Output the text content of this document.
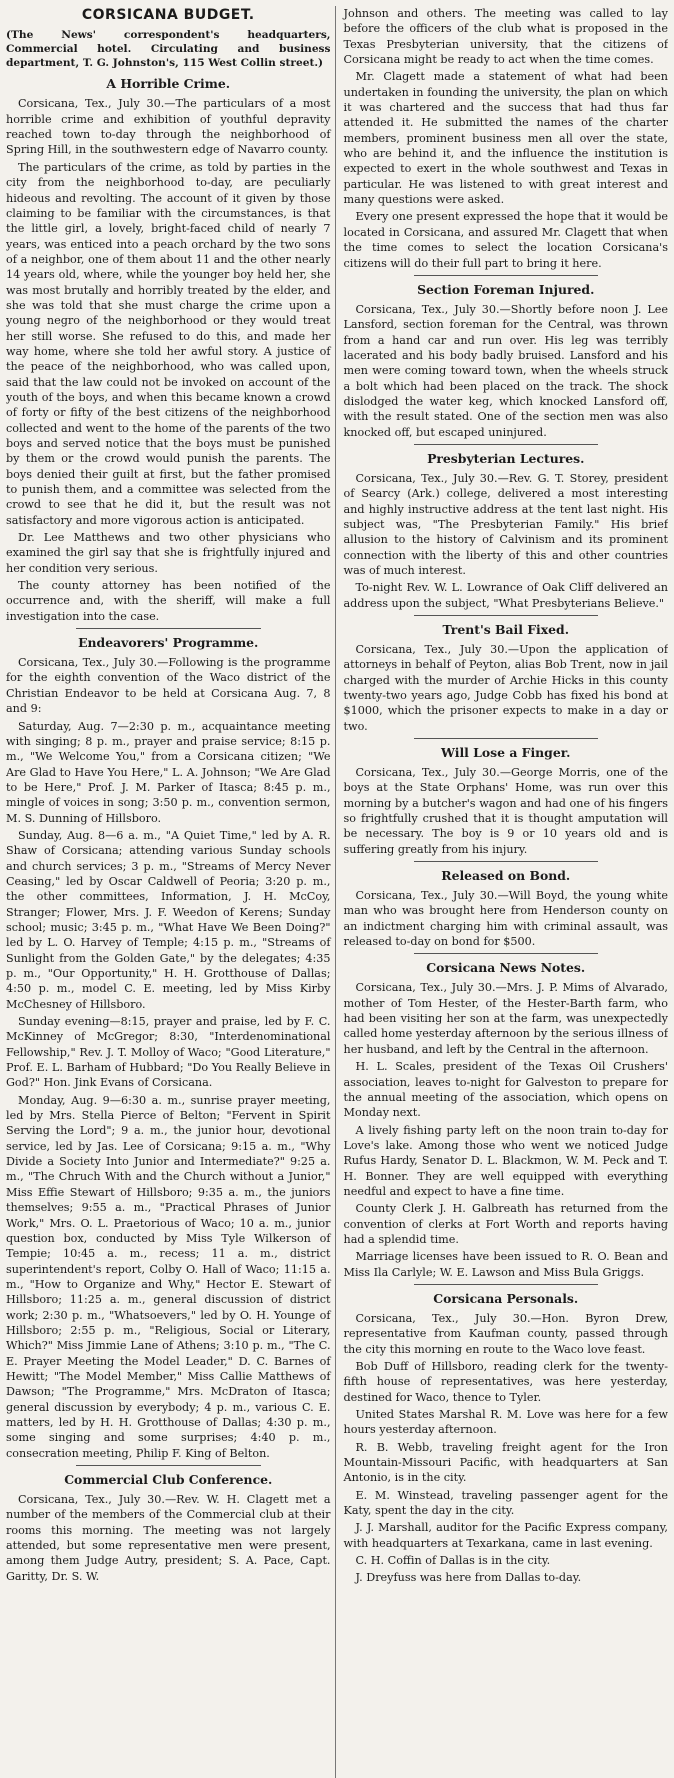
CORSICANA BUDGET.
(The News' correspondent's headquarters, Commercial hotel. Circulating and business department, T. G. Johnston's, 115 West Collin street.)
A Horrible Crime.

Corsicana, Tex., July 30.—The particulars of a most horrible crime and exhibition of youthful depravity reached town to-day through the neighborhood of Spring Hill, in the southwestern edge of Navarro county.

The particulars of the crime, as told by parties in the city from the neighborhood to-day, are peculiarly hideous and revolting. The account of it given by those claiming to be familiar with the circumstances, is that the little girl, a lovely, bright-faced child of nearly 7 years, was enticed into a peach orchard by the two sons of a neighbor, one of them about 11 and the other nearly 14 years old, where, while the younger boy held her, she was most brutally and horribly treated by the elder, and she was told that she must charge the crime upon a young negro of the neighborhood or they would treat her still worse. She refused to do this, and made her way home, where she told her awful story. A justice of the peace of the neighborhood, who was called upon, said that the law could not be invoked on account of the youth of the boys, and when this became known a crowd of forty or fifty of the best citizens of the neighborhood collected and went to the home of the parents of the two boys and served notice that the boys must be punished by them or the crowd would punish the parents. The boys denied their guilt at first, but the father promised to punish them, and a committee was selected from the crowd to see that he did it, but the result was not satisfactory and more vigorous action is anticipated.

Dr. Lee Matthews and two other physicians who examined the girl say that she is frightfully injured and her condition very serious.

The county attorney has been notified of the occurrence and, with the sheriff, will make a full investigation into the case.

Endeavorers' Programme.

Corsicana, Tex., July 30.—Following is the programme for the eighth convention of the Waco district of the Christian Endeavor to be held at Corsicana Aug. 7, 8 and 9:

Saturday, Aug. 7—2:30 p. m., acquaintance meeting with singing; 8 p. m., prayer and praise service; 8:15 p. m., "We Welcome You," from a Corsicana citizen; "We Are Glad to Have You Here," L. A. Johnson; "We Are Glad to be Here," Prof. J. M. Parker of Itasca; 8:45 p. m., mingle of voices in song; 3:50 p. m., convention sermon, M. S. Dunning of Hillsboro.

Sunday, Aug. 8—6 a. m., "A Quiet Time," led by A. R. Shaw of Corsicana; attending various Sunday schools and church services; 3 p. m., "Streams of Mercy Never Ceasing," led by Oscar Caldwell of Peoria; 3:20 p. m., the other committees, Information, J. H. McCoy, Stranger; Flower, Mrs. J. F. Weedon of Kerens; Sunday school; music; 3:45 p. m., "What Have We Been Doing?" led by L. O. Harvey of Temple; 4:15 p. m., "Streams of Sunlight from the Golden Gate," by the delegates; 4:35 p. m., "Our Opportunity," H. H. Grotthouse of Dallas; 4:50 p. m., model C. E. meeting, led by Miss Kirby McChesney of Hillsboro.

Sunday evening—8:15, prayer and praise, led by F. C. McKinney of McGregor; 8:30, "Interdenominational Fellowship," Rev. J. T. Molloy of Waco; "Good Literature," Prof. E. L. Barham of Hubbard; "Do You Really Believe in God?" Hon. Jink Evans of Corsicana.

Monday, Aug. 9—6:30 a. m., sunrise prayer meeting, led by Mrs. Stella Pierce of Belton; "Fervent in Spirit Serving the Lord"; 9 a. m., the junior hour, devotional service, led by Jas. Lee of Corsicana; 9:15 a. m., "Why Divide a Society Into Junior and Intermediate?" 9:25 a. m., "The Chruch With and the Church without a Junior," Miss Effie Stewart of Hillsboro; 9:35 a. m., the juniors themselves; 9:55 a. m., "Practical Phrases of Junior Work," Mrs. O. L. Praetorious of Waco; 10 a. m., junior question box, conducted by Miss Tyle Wilkerson of Tempie; 10:45 a. m., recess; 11 a. m., district superintendent's report, Colby O. Hall of Waco; 11:15 a. m., "How to Organize and Why," Hector E. Stewart of Hillsboro; 11:25 a. m., general discussion of district work; 2:30 p. m., "Whatsoevers," led by O. H. Younge of Hillsboro; 2:55 p. m., "Religious, Social or Literary, Which?" Miss Jimmie Lane of Athens; 3:10 p. m., "The C. E. Prayer Meeting the Model Leader," D. C. Barnes of Hewitt; "The Model Member," Miss Callie Matthews of Dawson; "The Programme," Mrs. McDraton of Itasca; general discussion by everybody; 4 p. m., various C. E. matters, led by H. H. Grotthouse of Dallas; 4:30 p. m., some singing and some surprises; 4:40 p. m., consecration meeting, Philip F. King of Belton.

Commercial Club Conference.

Corsicana, Tex., July 30.—Rev. W. H. Clagett met a number of the members of the Commercial club at their rooms this morning. The meeting was not largely attended, but some representative men were present, among them Judge Autry, president; S. A. Pace, Capt. Garitty, Dr. S. W.

Johnson and others. The meeting was called to lay before the officers of the club what is proposed in the Texas Presbyterian university, that the citizens of Corsicana might be ready to act when the time comes.

Mr. Clagett made a statement of what had been undertaken in founding the university, the plan on which it was chartered and the success that had thus far attended it. He submitted the names of the charter members, prominent business men all over the state, who are behind it, and the influence the institution is expected to exert in the whole southwest and Texas in particular. He was listened to with great interest and many questions were asked.

Every one present expressed the hope that it would be located in Corsicana, and assured Mr. Clagett that when the time comes to select the location Corsicana's citizens will do their full part to bring it here.

Section Foreman Injured.

Corsicana, Tex., July 30.—Shortly before noon J. Lee Lansford, section foreman for the Central, was thrown from a hand car and run over. His leg was terribly lacerated and his body badly bruised. Lansford and his men were coming toward town, when the wheels struck a bolt which had been placed on the track. The shock dislodged the water keg, which knocked Lansford off, with the result stated. One of the section men was also knocked off, but escaped uninjured.

Presbyterian Lectures.

Corsicana, Tex., July 30.—Rev. G. T. Storey, president of Searcy (Ark.) college, delivered a most interesting and highly instructive address at the tent last night. His subject was, "The Presbyterian Family." His brief allusion to the history of Calvinism and its prominent connection with the liberty of this and other countries was of much interest.

To-night Rev. W. L. Lowrance of Oak Cliff delivered an address upon the subject, "What Presbyterians Believe."

Trent's Bail Fixed.

Corsicana, Tex., July 30.—Upon the application of attorneys in behalf of Peyton, alias Bob Trent, now in jail charged with the murder of Archie Hicks in this county twenty-two years ago, Judge Cobb has fixed his bond at $1000, which the prisoner expects to make in a day or two.

Will Lose a Finger.

Corsicana, Tex., July 30.—George Morris, one of the boys at the State Orphans' Home, was run over this morning by a butcher's wagon and had one of his fingers so frightfully crushed that it is thought amputation will be necessary. The boy is 9 or 10 years old and is suffering greatly from his injury.

Released on Bond.

Corsicana, Tex., July 30.—Will Boyd, the young white man who was brought here from Henderson county on an indictment charging him with criminal assault, was released to-day on bond for $500.

Corsicana News Notes.

Corsicana, Tex., July 30.—Mrs. J. P. Mims of Alvarado, mother of Tom Hester, of the Hester-Barth farm, who had been visiting her son at the farm, was unexpectedly called home yesterday afternoon by the serious illness of her husband, and left by the Central in the afternoon.

H. L. Scales, president of the Texas Oil Crushers' association, leaves to-night for Galveston to prepare for the annual meeting of the association, which opens on Monday next.

A lively fishing party left on the noon train to-day for Love's lake. Among those who went we noticed Judge Rufus Hardy, Senator D. L. Blackmon, W. M. Peck and T. H. Bonner. They are well equipped with everything needful and expect to have a fine time.

County Clerk J. H. Galbreath has returned from the convention of clerks at Fort Worth and reports having had a splendid time.

Marriage licenses have been issued to R. O. Bean and Miss Ila Carlyle; W. E. Lawson and Miss Bula Griggs.

Corsicana Personals.

Corsicana, Tex., July 30.—Hon. Byron Drew, representative from Kaufman county, passed through the city this morning en route to the Waco love feast.

Bob Duff of Hillsboro, reading clerk for the twenty-fifth house of representatives, was here yesterday, destined for Waco, thence to Tyler.

United States Marshal R. M. Love was here for a few hours yesterday afternoon.

R. B. Webb, traveling freight agent for the Iron Mountain-Missouri Pacific, with headquarters at San Antonio, is in the city.

E. M. Winstead, traveling passenger agent for the Katy, spent the day in the city.

J. J. Marshall, auditor for the Pacific Express company, with headquarters at Texarkana, came in last evening.

C. H. Coffin of Dallas is in the city.

J. Dreyfuss was here from Dallas to-day.
